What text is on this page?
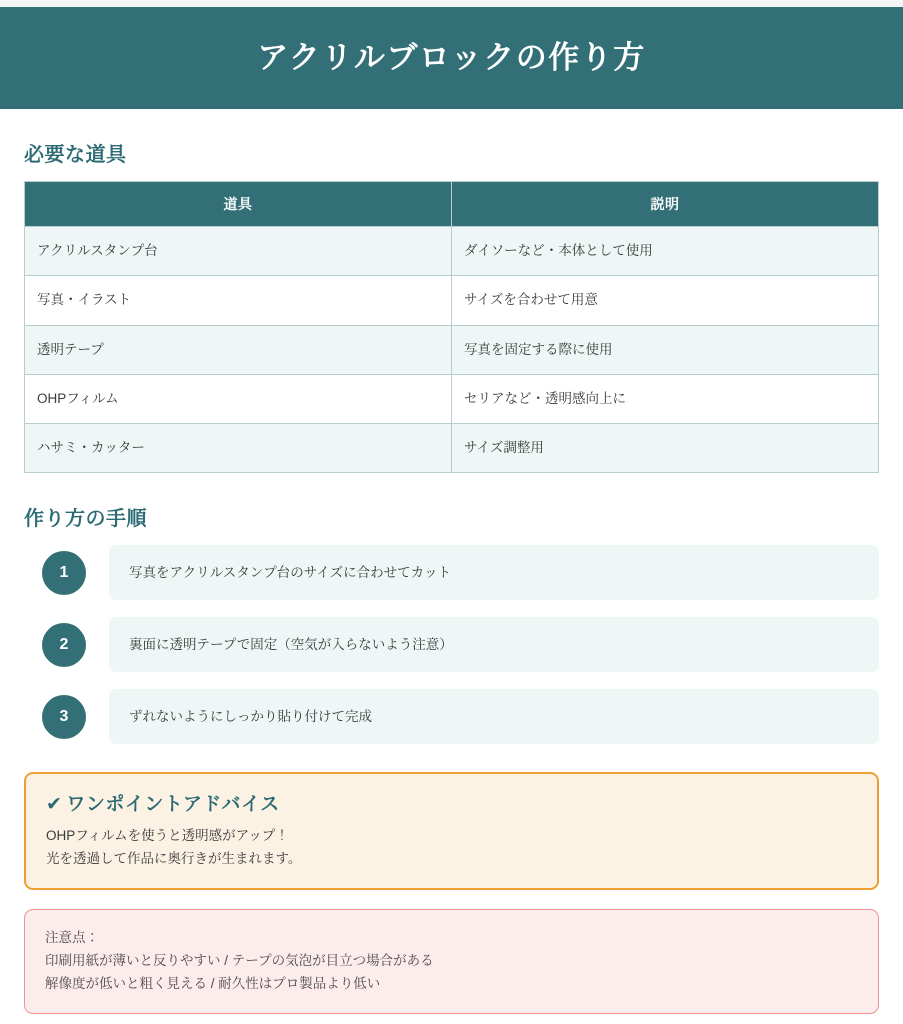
アクリルブロックの作り方
必要な道具
道具	説明
アクリルスタンプ台	ダイソーなど・本体として使用
写真・イラスト	サイズを合わせて用意
透明テープ	写真を固定する際に使用
OHPフィルム	セリアなど・透明感向上に
ハサミ・カッター	サイズ調整用
作り方の手順
1	写真をアクリルスタンプ台のサイズに合わせてカット
2	裏面に透明テープで固定（空気が入らないよう注意）
3	ずれないようにしっかり貼り付けて完成
✔ ワンポイントアドバイス
OHPフィルムを使うと透明感がアップ！
光を透過して作品に奥行きが生まれます。
注意点：
印刷用紙が薄いと反りやすい / テープの気泡が目立つ場合がある
解像度が低いと粗く見える / 耐久性はプロ製品より低い
